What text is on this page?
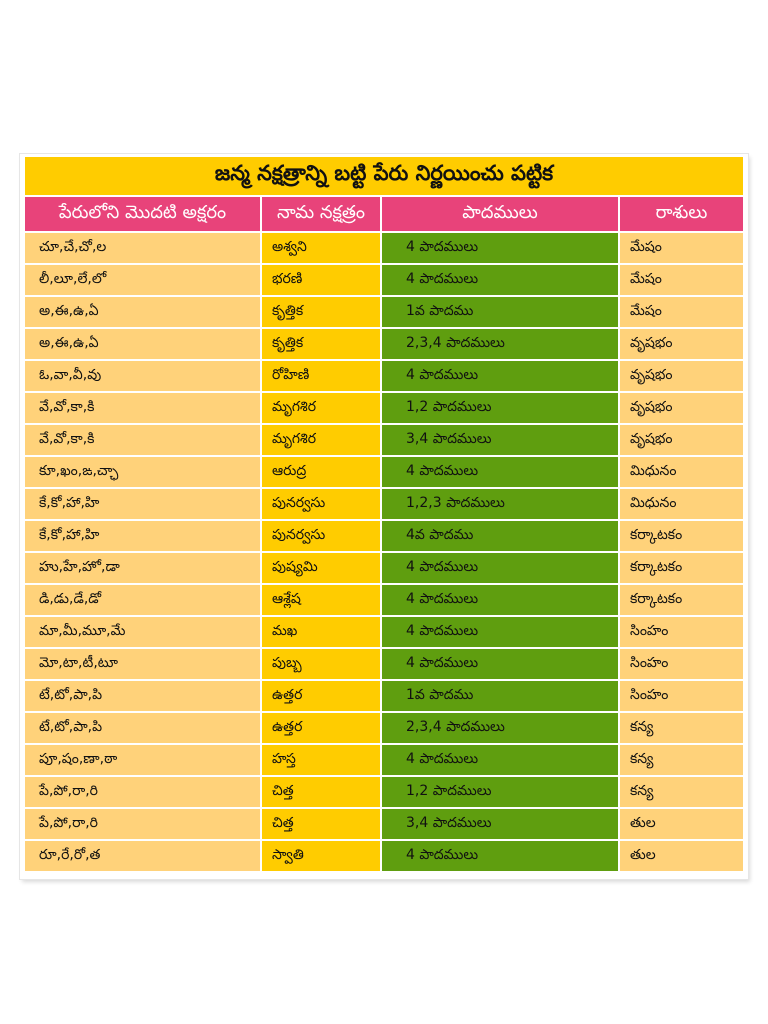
జన్మ నక్షత్రాన్ని బట్టి పేరు నిర్ణయించు పట్టిక
పేరులోని మొదటి అక్షరం	నామ నక్షత్రం	పాదములు	రాశులు
చూ,చే,చో,ల	అశ్వని	4 పాదములు	మేషం
లీ,లూ,లే,లో	భరణి	4 పాదములు	మేషం
అ,ఈ,ఉ,ఏ	కృత్తిక	1వ పాదము	మేషం
అ,ఈ,ఉ,ఏ	కృత్తిక	2,3,4 పాదములు	వృషభం
ఓ,వా,వీ,వు	రోహిణి	4 పాదములు	వృషభం
వే,వో,కా,కి	మృగశిర	1,2 పాదములు	వృషభం
వే,వో,కా,కి	మృగశిర	3,4 పాదములు	వృషభం
కూ,ఖం,ఙ,చ్ఛా	ఆరుద్ర	4 పాదములు	మిధునం
కే,కో,హా,హి	పునర్వసు	1,2,3 పాదములు	మిధునం
కే,కో,హా,హి	పునర్వసు	4వ పాదము	కర్కాటకం
హు,హే,హో,డా	పుష్యమి	4 పాదములు	కర్కాటకం
డి,డు,డే,డో	ఆశ్లేష	4 పాదములు	కర్కాటకం
మా,మీ,మూ,మే	మఖ	4 పాదములు	సింహం
మో,టా,టీ,టూ	పుబ్బ	4 పాదములు	సింహం
టే,టో,పా,పి	ఉత్తర	1వ పాదము	సింహం
టే,టో,పా,పి	ఉత్తర	2,3,4 పాదములు	కన్య
పూ,షం,ణా,ఠా	హస్త	4 పాదములు	కన్య
పే,పో,రా,రి	చిత్త	1,2 పాదములు	కన్య
పే,పో,రా,రి	చిత్త	3,4 పాదములు	తుల
రూ,రే,రో,త	స్వాతి	4 పాదములు	తుల
